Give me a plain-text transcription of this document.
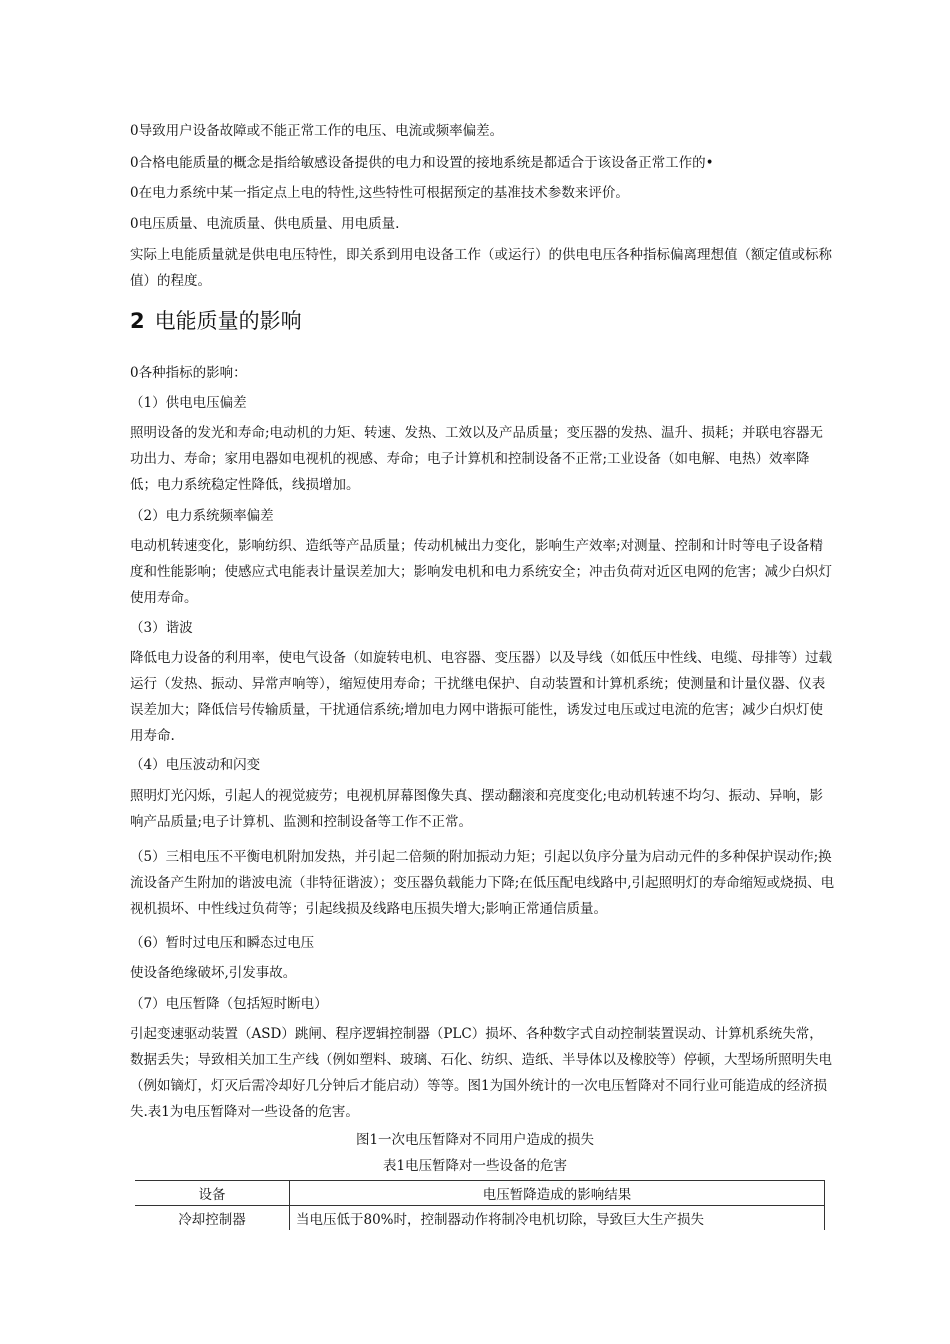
0导致用户设备故障或不能正常工作的电压、电流或频率偏差。

0合格电能质量的概念是指给敏感设备提供的电力和设置的接地系统是都适合于该设备正常工作的•

0在电力系统中某一指定点上电的特性,这些特性可根据预定的基准技术参数来评价。

0电压质量、电流质量、供电质量、用电质量.

实际上电能质量就是供电电压特性，即关系到用电设备工作（或运行）的供电电压各种指标偏离理想值（额定值或标称值）的程度。

2 电能质量的影响

0各种指标的影响：

（1）供电电压偏差

照明设备的发光和寿命;电动机的力矩、转速、发热、工效以及产品质量；变压器的发热、温升、损耗；并联电容器无功出力、寿命；家用电器如电视机的视感、寿命；电子计算机和控制设备不正常;工业设备（如电解、电热）效率降低；电力系统稳定性降低，线损增加。

（2）电力系统频率偏差

电动机转速变化，影响纺织、造纸等产品质量；传动机械出力变化，影响生产效率;对测量、控制和计时等电子设备精度和性能影响；使感应式电能表计量误差加大；影响发电机和电力系统安全；冲击负荷对近区电网的危害；减少白炽灯使用寿命。

（3）谐波

降低电力设备的利用率，使电气设备（如旋转电机、电容器、变压器）以及导线（如低压中性线、电缆、母排等）过载运行（发热、振动、异常声响等），缩短使用寿命；干扰继电保护、自动装置和计算机系统；使测量和计量仪器、仪表误差加大；降低信号传输质量，干扰通信系统;增加电力网中谐振可能性，诱发过电压或过电流的危害；减少白炽灯使用寿命.

（4）电压波动和闪变

照明灯光闪烁，引起人的视觉疲劳；电视机屏幕图像失真、摆动翻滚和亮度变化;电动机转速不均匀、振动、异响，影响产品质量;电子计算机、监测和控制设备等工作不正常。

（5）三相电压不平衡电机附加发热，并引起二倍频的附加振动力矩；引起以负序分量为启动元件的多种保护误动作;换流设备产生附加的谐波电流（非特征谐波）；变压器负载能力下降;在低压配电线路中,引起照明灯的寿命缩短或烧损、电视机损坏、中性线过负荷等；引起线损及线路电压损失增大;影响正常通信质量。

（6）暂时过电压和瞬态过电压

使设备绝缘破坏,引发事故。

（7）电压暂降（包括短时断电）

引起变速驱动装置（ASD）跳闸、程序逻辑控制器（PLC）损坏、各种数字式自动控制装置误动、计算机系统失常，数据丢失；导致相关加工生产线（例如塑料、玻璃、石化、纺织、造纸、半导体以及橡胶等）停顿，大型场所照明失电（例如镝灯，灯灭后需冷却好几分钟后才能启动）等等。图1为国外统计的一次电压暂降对不同行业可能造成的经济损失.表1为电压暂降对一些设备的危害。

图1一次电压暂降对不同用户造成的损失

表1电压暂降对一些设备的危害

设备	电压暂降造成的影响结果
冷却控制器	当电压低于80%时，控制器动作将制冷电机切除，导致巨大生产损失
